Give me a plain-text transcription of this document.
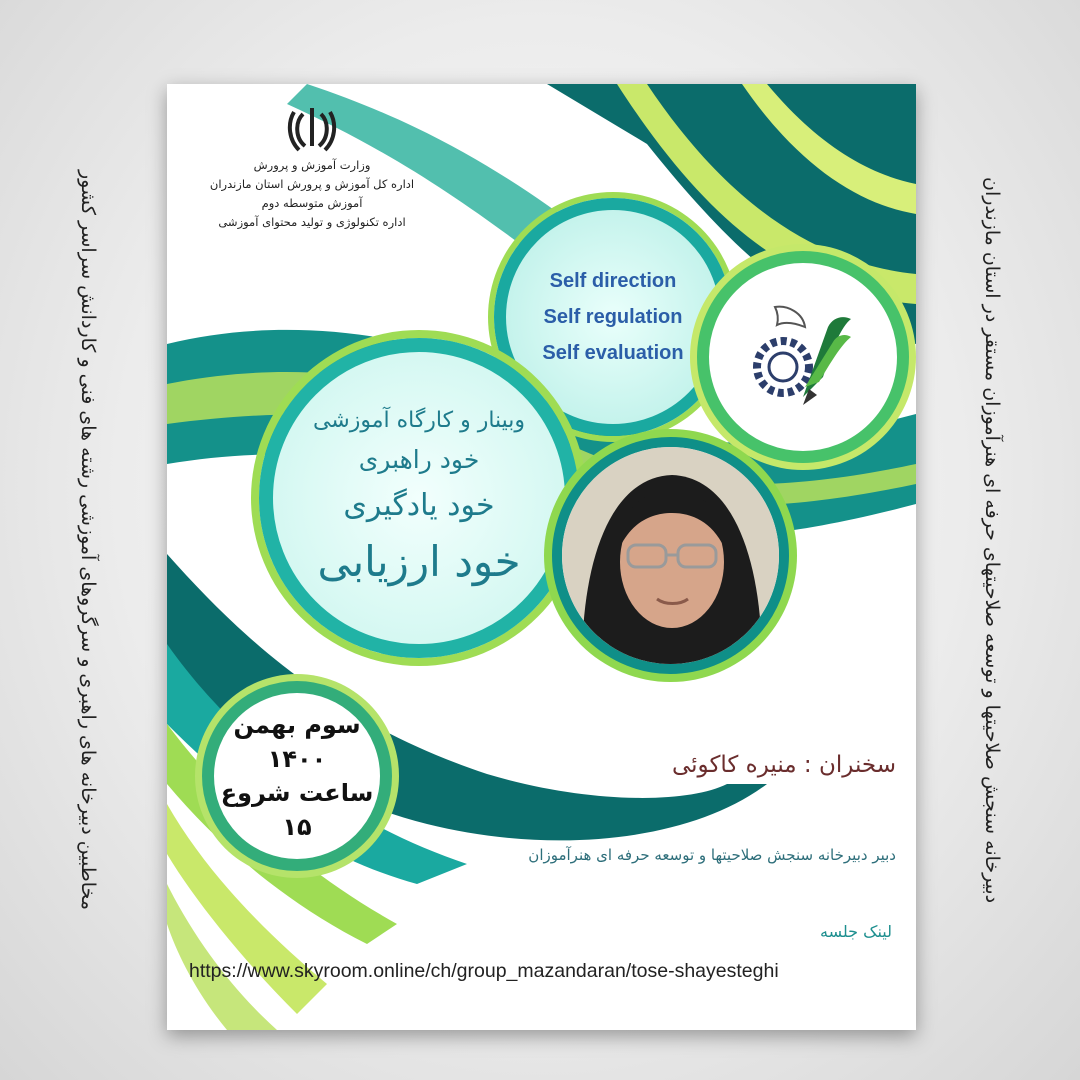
مخاطبین دبیرخانه های راهبری و سرگروهای آموزشی رشته های فنی و کاردانش سراسر کشور	دبیرخانه سنجش صلاحیتها و توسعه صلاحیتهای حرفه ای هنرآموزان مستقر در استان مازندران
وزارت آموزش و پرورش
اداره کل آموزش و پرورش استان مازندران
آموزش متوسطه دوم
اداره تکنولوژی و تولید محتوای آموزشی
Self direction
Self regulation
Self evaluation
وبینار و کارگاه آموزشی
خود راهبری
خود یادگیری
خود ارزیابی
سوم بهمن
۱۴۰۰
ساعت شروع
۱۵
سخنران : منیره کاکوئی
دبیر دبیرخانه سنجش صلاحیتها و توسعه حرفه ای هنرآموزان
لینک جلسه
https://www.skyroom.online/ch/group_mazandaran/tose-shayesteghi
